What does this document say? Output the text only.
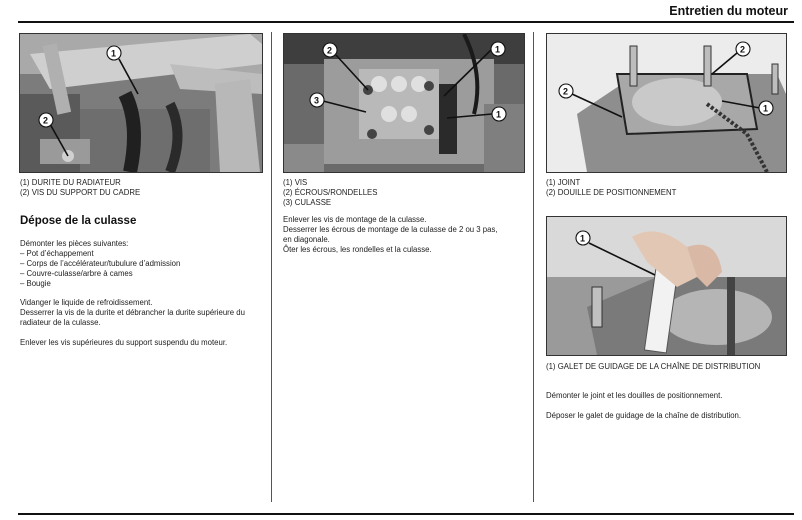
Entretien du moteur
1
2

(1) DURITE DU RADIATEUR

(2) VIS DU SUPPORT DU CADRE

Dépose de la culasse

Démonter les pièces suivantes:

– Pot d’échappement

– Corps de l’accélérateur/tubulure d’admission

– Couvre-culasse/arbre à cames

– Bougie

Vidanger le liquide de refroidissement.

Desserrer la vis de la durite et débrancher la durite supérieure du

radiateur de la culasse.

Enlever les vis supérieures du support suspendu du moteur.

2	1
3
1

(1) VIS

(2) ÉCROUS/RONDELLES

(3) CULASSE

Enlever les vis de montage de la culasse.

Desserrer les écrous de montage de la culasse de 2 ou 3 pas,

en diagonale.

Ôter les écrous, les rondelles et la culasse.

2
2
1

(1) JOINT

(2) DOUILLE DE POSITIONNEMENT

1

(1) GALET DE GUIDAGE DE LA CHAÎNE DE DISTRIBUTION

Démonter le joint et les douilles de positionnement.

Déposer le galet de guidage de la chaîne de distribution.
